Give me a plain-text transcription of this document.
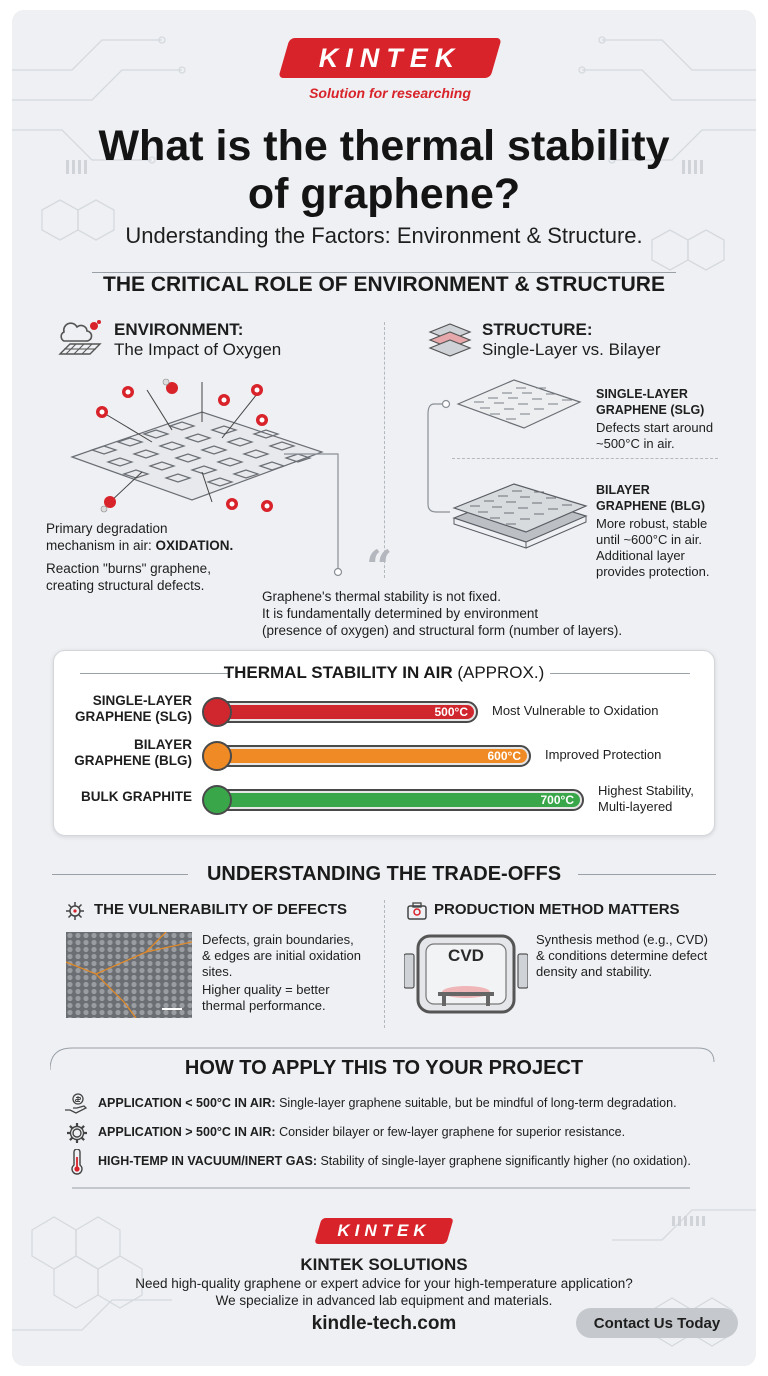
KINTEK
Solution for researching
What is the thermal stability of graphene?
Understanding the Factors: Environment & Structure.
THE CRITICAL ROLE OF ENVIRONMENT & STRUCTURE
ENVIRONMENT:
The Impact of Oxygen
Primary degradation
mechanism in air: OXIDATION.
Reaction "burns" graphene,
creating structural defects.
STRUCTURE:
Single-Layer vs. Bilayer
SINGLE-LAYER
GRAPHENE (SLG)
Defects start around
~500°C in air.
BILAYER
GRAPHENE (BLG)
More robust, stable
until ~600°C in air.
Additional layer
provides protection.
“
Graphene's thermal stability is not fixed.
It is fundamentally determined by environment
(presence of oxygen) and structural form (number of layers).
THERMAL STABILITY IN AIR (APPROX.)
SINGLE-LAYER
GRAPHENE (SLG)	500°C Most Vulnerable to Oxidation
BILAYER
GRAPHENE (BLG)	600°C Improved Protection
BULK GRAPHITE	700°C
Highest Stability,
Multi-layered
UNDERSTANDING THE TRADE-OFFS
THE VULNERABILITY OF DEFECTS
Defects, grain boundaries,
& edges are initial oxidation
sites.
Higher quality = better
thermal performance.
PRODUCTION METHOD MATTERS
CVD
Synthesis method (e.g., CVD)
& conditions determine defect
density and stability.
HOW TO APPLY THIS TO YOUR PROJECT
APPLICATION < 500°C IN AIR: Single-layer graphene suitable, but be mindful of long-term degradation.
APPLICATION > 500°C IN AIR: Consider bilayer or few-layer graphene for superior resistance.
HIGH-TEMP IN VACUUM/INERT GAS: Stability of single-layer graphene significantly higher (no oxidation).
KINTEK
KINTEK SOLUTIONS
Need high-quality graphene or expert advice for your high-temperature application?
We specialize in advanced lab equipment and materials.
kindle-tech.com	Contact Us Today
